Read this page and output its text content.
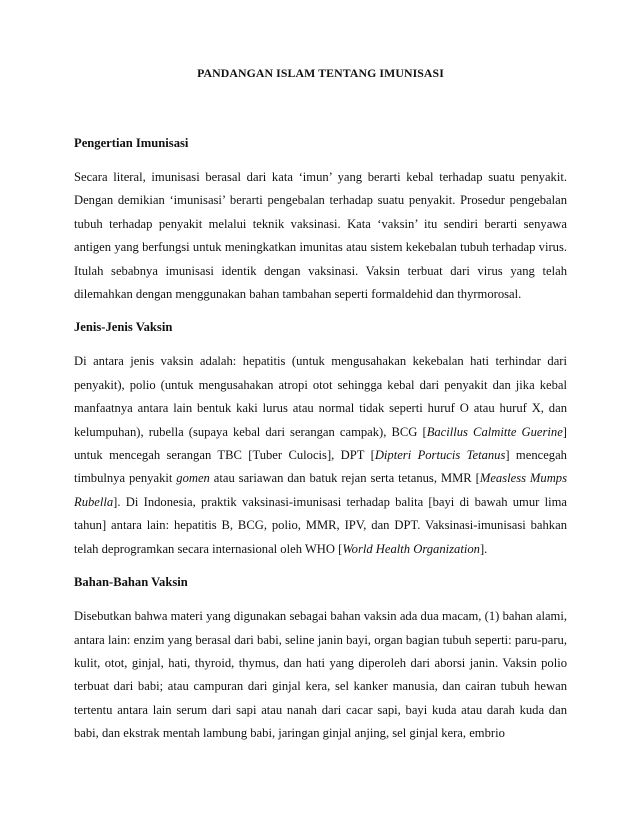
PANDANGAN ISLAM TENTANG IMUNISASI
Pengertian Imunisasi
Secara literal, imunisasi berasal dari kata ‘imun’ yang berarti kebal terhadap suatu penyakit. Dengan demikian ‘imunisasi’ berarti pengebalan terhadap suatu penyakit. Prosedur pengebalan tubuh terhadap penyakit melalui teknik vaksinasi. Kata ‘vaksin’ itu sendiri berarti senyawa antigen yang berfungsi untuk meningkatkan imunitas atau sistem kekebalan tubuh terhadap virus. Itulah sebabnya imunisasi identik dengan vaksinasi. Vaksin terbuat dari virus yang telah dilemahkan dengan menggunakan bahan tambahan seperti formaldehid dan thyrmorosal.
Jenis-Jenis Vaksin
Di antara jenis vaksin adalah: hepatitis (untuk mengusahakan kekebalan hati terhindar dari penyakit), polio (untuk mengusahakan atropi otot sehingga kebal dari penyakit dan jika kebal manfaatnya antara lain bentuk kaki lurus atau normal tidak seperti huruf O atau huruf X, dan kelumpuhan), rubella (supaya kebal dari serangan campak), BCG [Bacillus Calmitte Guerine] untuk mencegah serangan TBC [Tuber Culocis], DPT [Dipteri Portucis Tetanus] mencegah timbulnya penyakit gomen atau sariawan dan batuk rejan serta tetanus, MMR [Measless Mumps Rubella]. Di Indonesia, praktik vaksinasi-imunisasi terhadap balita [bayi di bawah umur lima tahun] antara lain: hepatitis B, BCG, polio, MMR, IPV, dan DPT. Vaksinasi-imunisasi bahkan telah deprogramkan secara internasional oleh WHO [World Health Organization].
Bahan-Bahan Vaksin
Disebutkan bahwa materi yang digunakan sebagai bahan vaksin ada dua macam, (1) bahan alami, antara lain: enzim yang berasal dari babi, seline janin bayi, organ bagian tubuh seperti: paru-paru, kulit, otot, ginjal, hati, thyroid, thymus, dan hati yang diperoleh dari aborsi janin. Vaksin polio terbuat dari babi; atau campuran dari ginjal kera, sel kanker manusia, dan cairan tubuh hewan tertentu antara lain serum dari sapi atau nanah dari cacar sapi, bayi kuda atau darah kuda dan babi, dan ekstrak mentah lambung babi, jaringan ginjal anjing, sel ginjal kera, embrio
